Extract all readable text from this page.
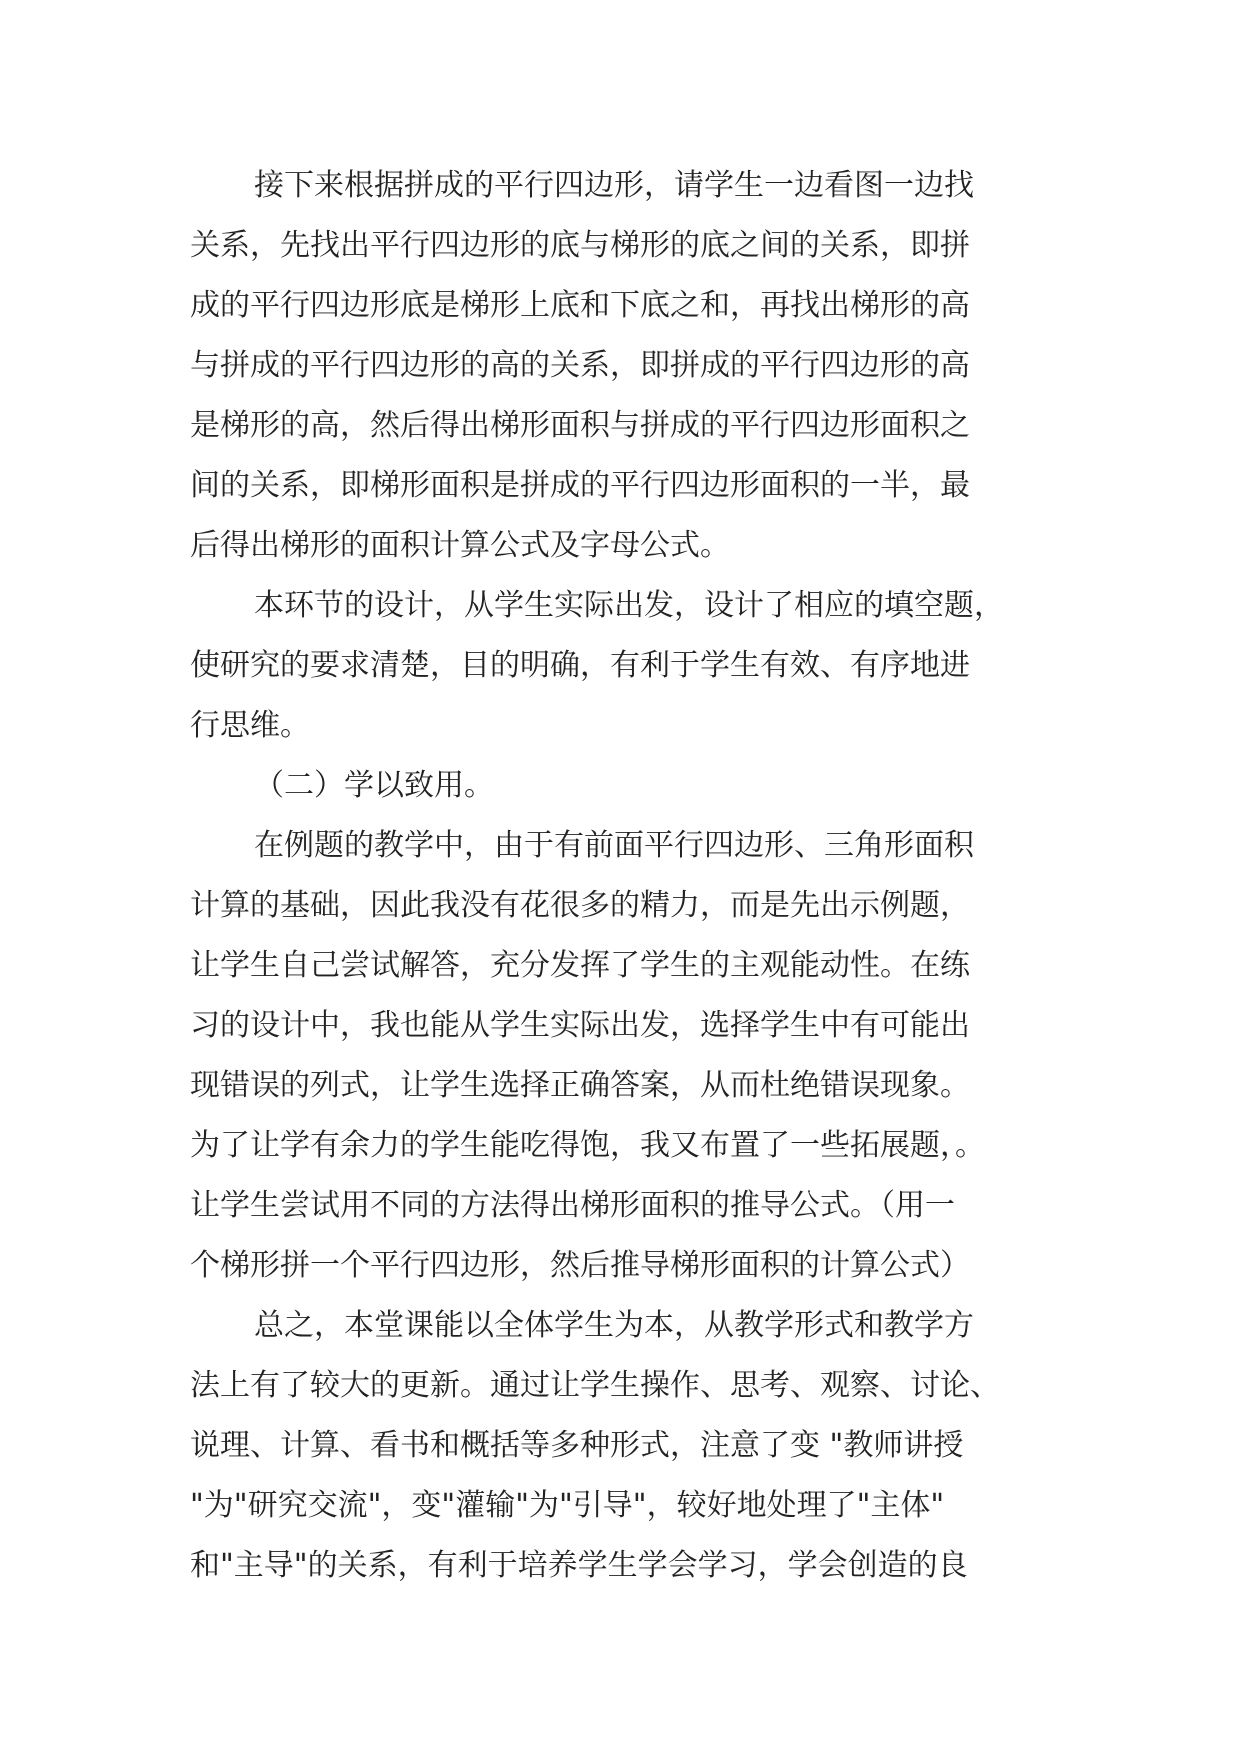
接下来根据拼成的平行四边形，请学生一边看图一边找

关系，先找出平行四边形的底与梯形的底之间的关系，即拼

成的平行四边形底是梯形上底和下底之和，再找出梯形的高

与拼成的平行四边形的高的关系，即拼成的平行四边形的高

是梯形的高，然后得出梯形面积与拼成的平行四边形面积之

间的关系，即梯形面积是拼成的平行四边形面积的一半，最

后得出梯形的面积计算公式及字母公式。

本环节的设计，从学生实际出发，设计了相应的填空题，

使研究的要求清楚，目的明确，有利于学生有效、有序地进

行思维。

（二）学以致用。

在例题的教学中，由于有前面平行四边形、三角形面积

计算的基础，因此我没有花很多的精力，而是先出示例题，

让学生自己尝试解答，充分发挥了学生的主观能动性。在练

习的设计中，我也能从学生实际出发，选择学生中有可能出

现错误的列式，让学生选择正确答案，从而杜绝错误现象。

为了让学有余力的学生能吃得饱，我又布置了一些拓展题，。

让学生尝试用不同的方法得出梯形面积的推导公式。（用一

个梯形拼一个平行四边形，然后推导梯形面积的计算公式）

总之，本堂课能以全体学生为本，从教学形式和教学方

法上有了较大的更新。通过让学生操作、思考、观察、讨论、

说理、计算、看书和概括等多种形式，注意了变 "教师讲授

"为"研究交流"，变"灌输"为"引导"，较好地处理了"主体"

和"主导"的关系，有利于培养学生学会学习，学会创造的良
